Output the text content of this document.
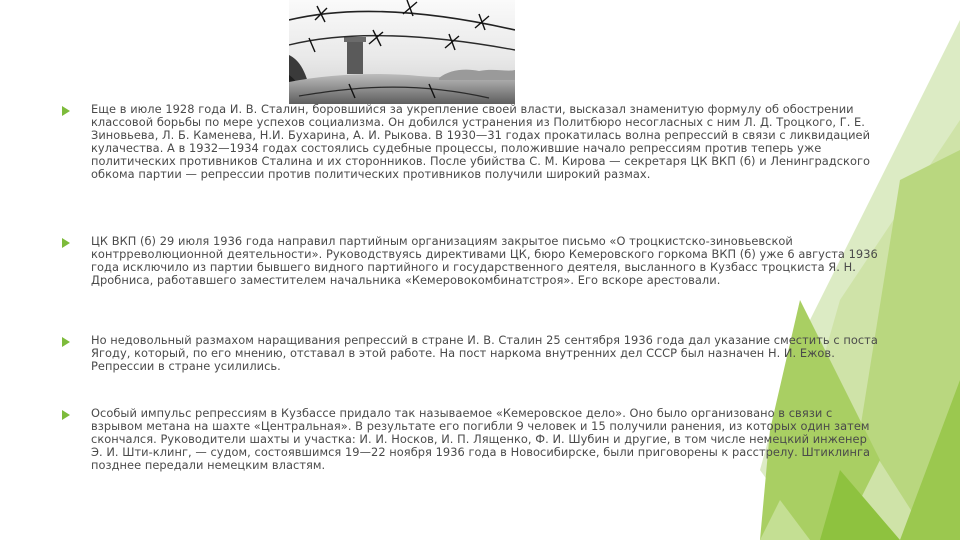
Еще в июле 1928 года И. В. Сталин, боровшийся за укрепление своей власти, высказал знаменитую формулу об обострении классовой борьбы по мере успехов социализма. Он добился устранения из Политбюро несогласных с ним Л. Д. Троцкого, Г. Е. Зиновьева, Л. Б. Каменева, Н.И. Бухарина, А. И. Рыкова. В 1930—31 годах прокатилась волна репрессий в связи с ликвидацией кулачества. А в 1932—1934 годах состоялись судебные процессы, положившие начало репрессиям против теперь уже политических противников Сталина и их сторонников. После убийства С. М. Кирова — секретаря ЦК ВКП (б) и Ленинградского обкома партии — репрессии против политических противников получили широкий размах.

ЦК ВКП (б) 29 июля 1936 года направил партийным организациям закрытое письмо «О троцкистско-зиновьевской контрреволюционной деятельности». Руководствуясь директивами ЦК, бюро Кемеровского горкома ВКП (б) уже 6 августа 1936 года исключило из партии бывшего видного партийного и государственного деятеля, высланного в Кузбасс троцкиста Я. Н. Дробниса, работавшего заместителем начальника «Кемеровокомбинатстроя». Его вскоре арестовали.

Но недовольный размахом наращивания репрессий в стране И. В. Сталин 25 сентября 1936 года дал указание сместить с поста Ягоду, который, по его мнению, отставал в этой работе. На пост наркома внутренних дел СССР был назначен Н. И. Ежов. Репрессии в стране усилились.

Особый импульс репрессиям в Кузбассе придало так называемое «Кемеровское дело». Оно было организовано в связи с взрывом метана на шахте «Центральная». В результате его погибли 9 человек и 15 получили ранения, из которых один затем скончался. Руководители шахты и участка: И. И. Носков, И. П. Лященко, Ф. И. Шубин и другие, в том числе немецкий инженер Э. И. Шти-клинг, — судом, состоявшимся 19—22 ноября 1936 года в Новосибирске, были приговорены к расстрелу. Штиклинга позднее передали немецким властям.
